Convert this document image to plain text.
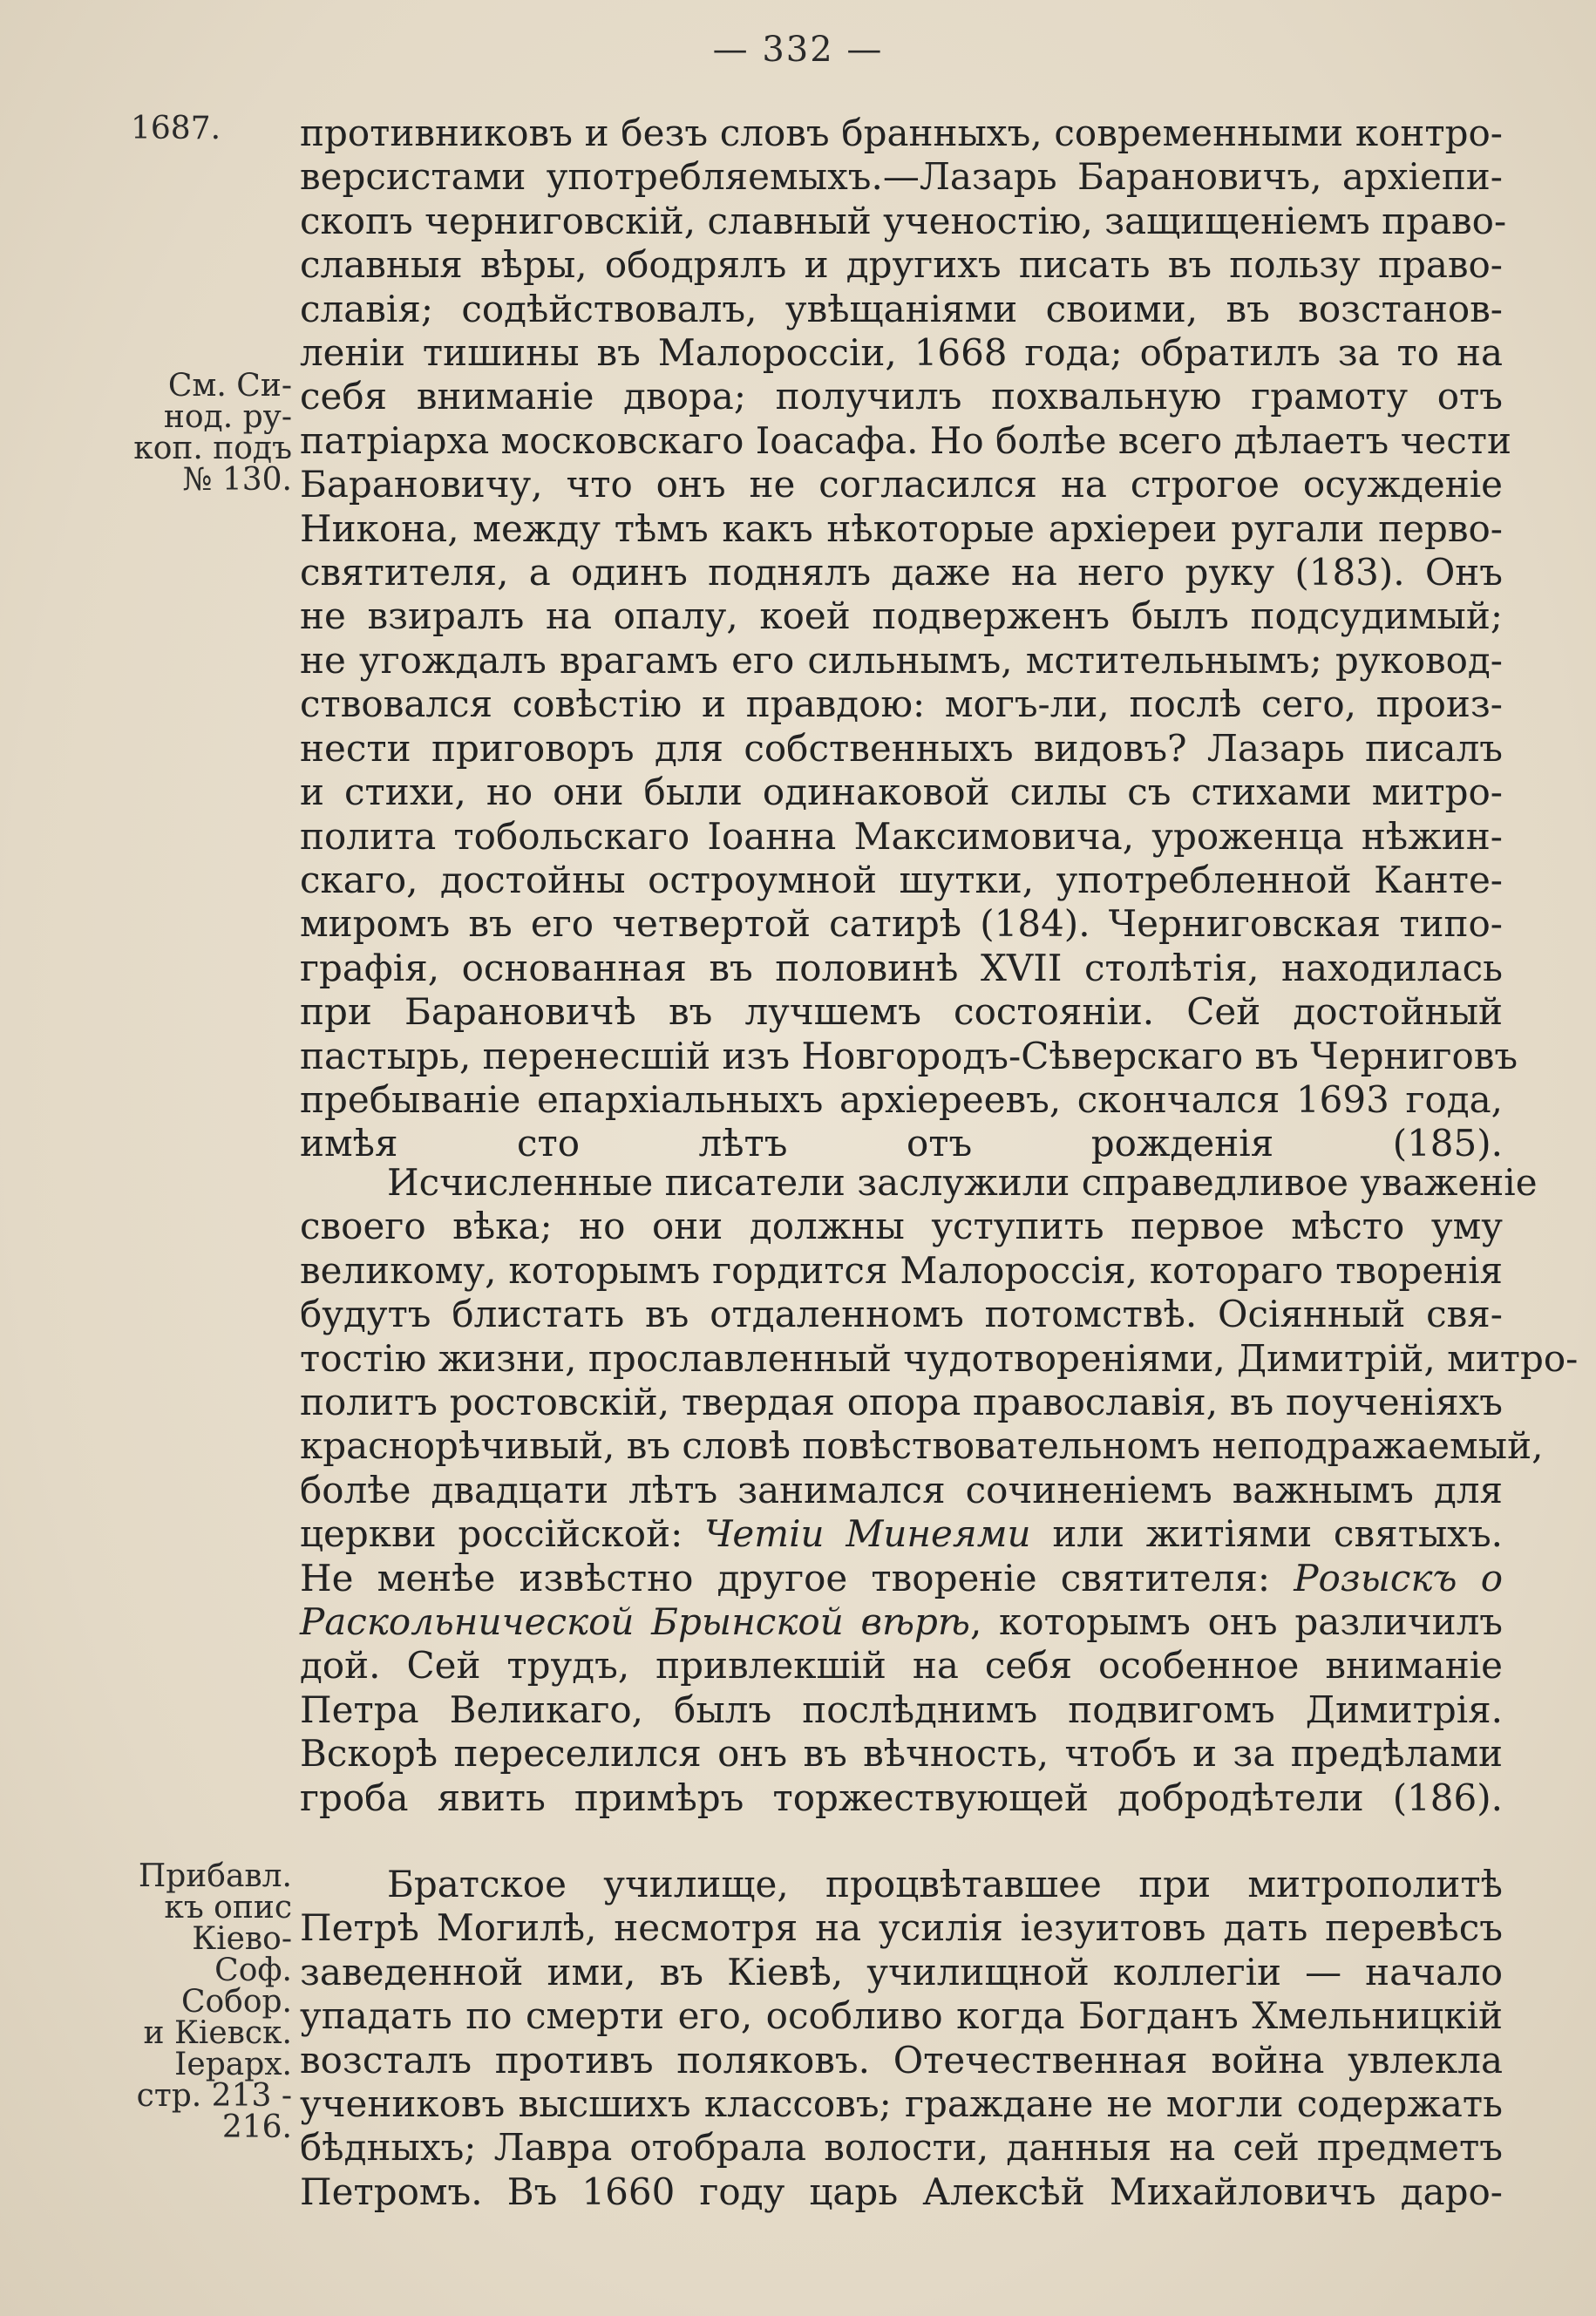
— 332 —
1687.
См. Си-
нод. ру-
коп. подъ
№ 130.
Прибавл.
къ опис
Кіево-
Соф.
Собор.
и Кіевск.
Іерарх.
стр. 213 -
216.
противниковъ и безъ словъ бранныхъ, современными контро-
версистами употребляемыхъ.—Лазарь Барановичъ, архіепи-
скопъ черниговскій, славный ученостію, защищеніемъ право-
славныя вѣры, ободрялъ и другихъ писать въ пользу право-
славія; содѣйствовалъ, увѣщаніями своими, въ возстанов-
леніи тишины въ Малороссіи, 1668 года; обратилъ за то на
себя вниманіе двора; получилъ похвальную грамоту отъ
патріарха московскаго Іоасафа. Но болѣе всего дѣлаетъ чести
Барановичу, что онъ не согласился на строгое осужденіе
Никона, между тѣмъ какъ нѣкоторые архіереи ругали перво-
святителя, а одинъ поднялъ даже на него руку (183). Онъ
не взиралъ на опалу, коей подверженъ былъ подсудимый;
не угождалъ врагамъ его сильнымъ, мстительнымъ; руковод-
ствовался совѣстію и правдою: могъ-ли, послѣ сего, произ-
нести приговоръ для собственныхъ видовъ? Лазарь писалъ
и стихи, но они были одинаковой силы съ стихами митро-
полита тобольскаго Іоанна Максимовича, уроженца нѣжин-
скаго, достойны остроумной шутки, употребленной Канте-
миромъ въ его четвертой сатирѣ (184). Черниговская типо-
графія, основанная въ половинѣ XVII столѣтія, находилась
при Барановичѣ въ лучшемъ состояніи. Сей достойный
пастырь, перенесшій изъ Новгородъ-Сѣверскаго въ Черниговъ
пребываніе епархіальныхъ архіереевъ, скончался 1693 года,
имѣя сто лѣтъ отъ рожденія (185).
Исчисленные писатели заслужили справедливое уваженіе
своего вѣка; но они должны уступить первое мѣсто уму
великому, которымъ гордится Малороссія, котораго творенія
будутъ блистать въ отдаленномъ потомствѣ. Осіянный свя-
тостію жизни, прославленный чудотвореніями, Димитрій, митро-
политъ ростовскій, твердая опора православія, въ поученіяхъ
краснорѣчивый, въ словѣ повѣствовательномъ неподражаемый,
болѣе двадцати лѣтъ занимался сочиненіемъ важнымъ для
церкви россійской: Четіи Минеями или житіями святыхъ.
Не менѣе извѣстно другое твореніе святителя: Розыскъ о
Раскольнической Брынской вѣрѣ, которымъ онъ различилъ
дой. Сей трудъ, привлекшій на себя особенное вниманіе
Петра Великаго, былъ послѣднимъ подвигомъ Димитрія.
Вскорѣ переселился онъ въ вѣчность, чтобъ и за предѣлами
гроба явить примѣръ торжествующей добродѣтели (186).
Братское училище, процвѣтавшее при митрополитѣ
Петрѣ Могилѣ, несмотря на усилія іезуитовъ дать перевѣсъ
заведенной ими, въ Кіевѣ, училищной коллегіи — начало
упадать по смерти его, особливо когда Богданъ Хмельницкій
возсталъ противъ поляковъ. Отечественная война увлекла
учениковъ высшихъ классовъ; граждане не могли содержать
бѣдныхъ; Лавра отобрала волости, данныя на сей предметъ
Петромъ. Въ 1660 году царь Алексѣй Михайловичъ даро-
